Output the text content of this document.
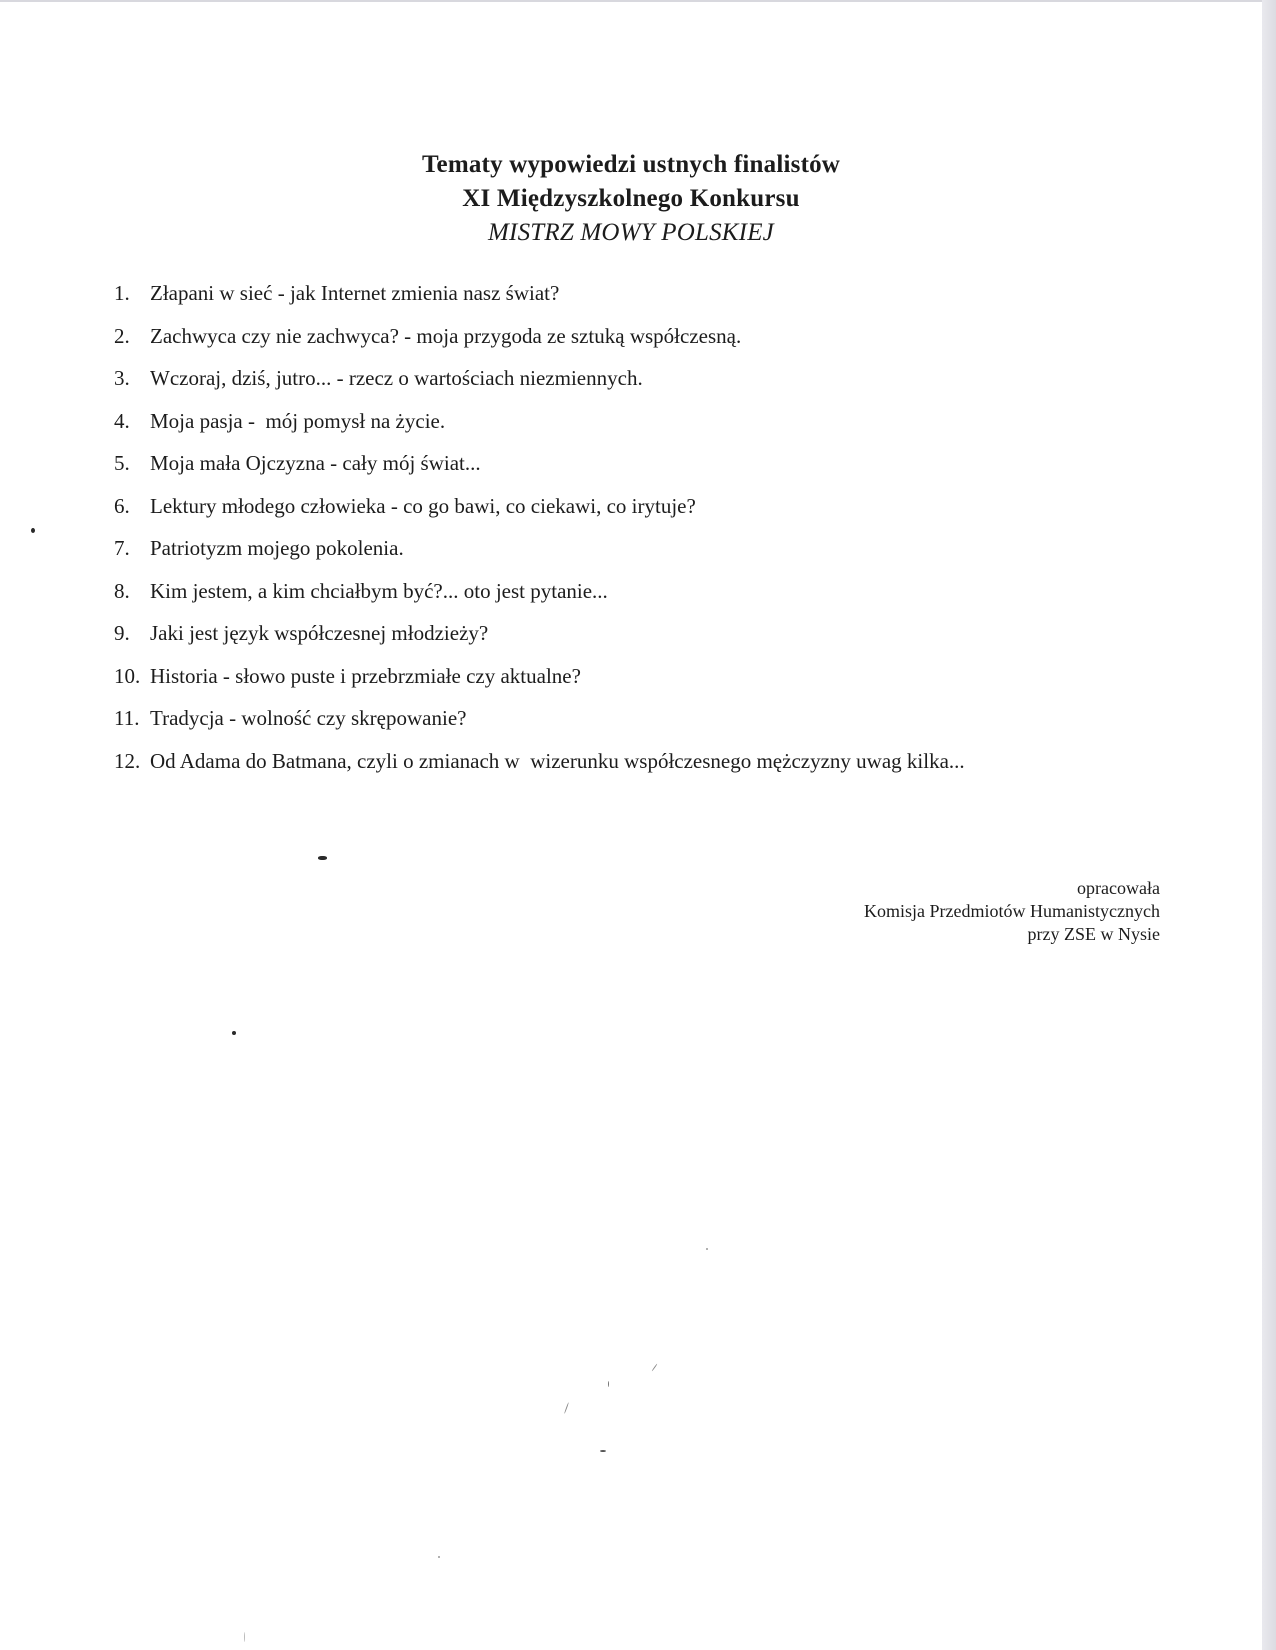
Tematy wypowiedzi ustnych finalistów
XI Międzyszkolnego Konkursu
MISTRZ MOWY POLSKIEJ
1. Złapani w sieć - jak Internet zmienia nasz świat?
2. Zachwyca czy nie zachwyca? - moja przygoda ze sztuką współczesną.
3. Wczoraj, dziś, jutro... - rzecz o wartościach niezmiennych.
4. Moja pasja -  mój pomysł na życie.
5. Moja mała Ojczyzna - cały mój świat...
6. Lektury młodego człowieka - co go bawi, co ciekawi, co irytuje?
7. Patriotyzm mojego pokolenia.
8. Kim jestem, a kim chciałbym być?... oto jest pytanie...
9. Jaki jest język współczesnej młodzieży?
10. Historia - słowo puste i przebrzmiałe czy aktualne?
11. Tradycja - wolność czy skrępowanie?
12. Od Adama do Batmana, czyli o zmianach w  wizerunku współczesnego mężczyzny uwag kilka...
opracowała
Komisja Przedmiotów Humanistycznych
przy ZSE w Nysie
